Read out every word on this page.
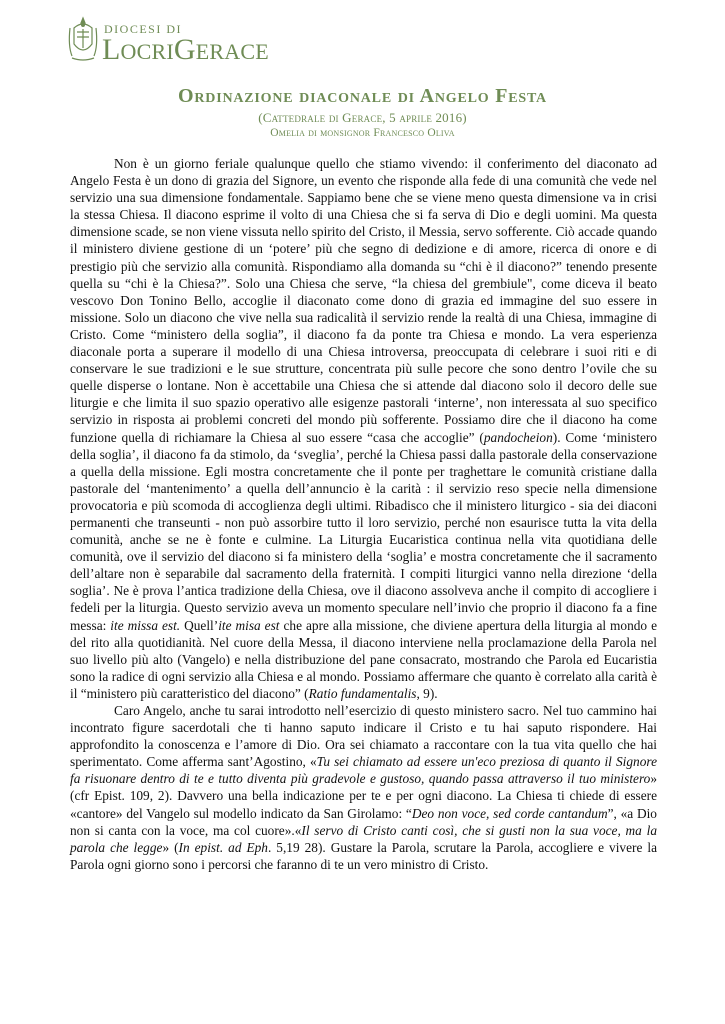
DIOCESI DI
LOCRIGERACE
Ordinazione diaconale di Angelo Festa
(Cattedrale di Gerace, 5 aprile 2016)
Omelia di monsignor Francesco Oliva

Non è un giorno feriale qualunque quello che stiamo vivendo: il conferimento del diaconato ad Angelo Festa è un dono di grazia del Signore, un evento che risponde alla fede di una comunità che vede nel servizio una sua dimensione fondamentale. Sappiamo bene che se viene meno questa dimensione va in crisi la stessa Chiesa. Il diacono esprime il volto di una Chiesa che si fa serva di Dio e degli uomini. Ma questa dimensione scade, se non viene vissuta nello spirito del Cristo, il Messia, servo sofferente. Ciò accade quando il ministero diviene gestione di un ‘potere’ più che segno di dedizione e di amore, ricerca di onore e di prestigio più che servizio alla comunità. Rispondiamo alla domanda su “chi è il diacono?” tenendo presente quella su “chi è la Chiesa?”. Solo una Chiesa che serve, “la chiesa del grembiule", come diceva il beato vescovo Don Tonino Bello, accoglie il diaconato come dono di grazia ed immagine del suo essere in missione. Solo un diacono che vive nella sua radicalità il servizio rende la realtà di una Chiesa, immagine di Cristo. Come “ministero della soglia”, il diacono fa da ponte tra Chiesa e mondo. La vera esperienza diaconale porta a superare il modello di una Chiesa introversa, preoccupata di celebrare i suoi riti e di conservare le sue tradizioni e le sue strutture, concentrata più sulle pecore che sono dentro l’ovile che su quelle disperse o lontane. Non è accettabile una Chiesa che si attende dal diacono solo il decoro delle sue liturgie e che limita il suo spazio operativo alle esigenze pastorali ‘interne’, non interessata al suo specifico servizio in risposta ai problemi concreti del mondo più sofferente. Possiamo dire che il diacono ha come funzione quella di richiamare la Chiesa al suo essere “casa che accoglie” (pandocheion). Come ‘ministero della soglia’, il diacono fa da stimolo, da ‘sveglia’, perché la Chiesa passi dalla pastorale della conservazione a quella della missione. Egli mostra concretamente che il ponte per traghettare le comunità cristiane dalla pastorale del ‘mantenimento’ a quella dell’annuncio è la carità : il servizio reso specie nella dimensione provocatoria e più scomoda di accoglienza degli ultimi. Ribadisco che il ministero liturgico - sia dei diaconi permanenti che transeunti - non può assorbire tutto il loro servizio, perché non esaurisce tutta la vita della comunità, anche se ne è fonte e culmine. La Liturgia Eucaristica continua nella vita quotidiana delle comunità, ove il servizio del diacono si fa ministero della ‘soglia’ e mostra concretamente che il sacramento dell’altare non è separabile dal sacramento della fraternità. I compiti liturgici vanno nella direzione ‘della soglia’. Ne è prova l’antica tradizione della Chiesa, ove il diacono assolveva anche il compito di accogliere i fedeli per la liturgia. Questo servizio aveva un momento speculare nell’invio che proprio il diacono fa a fine messa: ite missa est. Quell’ite misa est che apre alla missione, che diviene apertura della liturgia al mondo e del rito alla quotidianità. Nel cuore della Messa, il diacono interviene nella proclamazione della Parola nel suo livello più alto (Vangelo) e nella distribuzione del pane consacrato, mostrando che Parola ed Eucaristia sono la radice di ogni servizio alla Chiesa e al mondo. Possiamo affermare che quanto è correlato alla carità è il “ministero più caratteristico del diacono” (Ratio fundamentalis, 9).

Caro Angelo, anche tu sarai introdotto nell’esercizio di questo ministero sacro. Nel tuo cammino hai incontrato figure sacerdotali che ti hanno saputo indicare il Cristo e tu hai saputo rispondere. Hai approfondito la conoscenza e l’amore di Dio. Ora sei chiamato a raccontare con la tua vita quello che hai sperimentato. Come afferma sant’Agostino, «Tu sei chiamato ad essere un'eco preziosa di quanto il Signore fa risuonare dentro di te e tutto diventa più gradevole e gustoso, quando passa attraverso il tuo ministero» (cfr Epist. 109, 2). Davvero una bella indicazione per te e per ogni diacono. La Chiesa ti chiede di essere «cantore» del Vangelo sul modello indicato da San Girolamo: “Deo non voce, sed corde cantandum”, «a Dio non si canta con la voce, ma col cuore».«Il servo di Cristo canti così, che si gusti non la sua voce, ma la parola che legge» (In epist. ad Eph. 5,19 28). Gustare la Parola, scrutare la Parola, accogliere e vivere la Parola ogni giorno sono i percorsi che faranno di te un vero ministro di Cristo.
